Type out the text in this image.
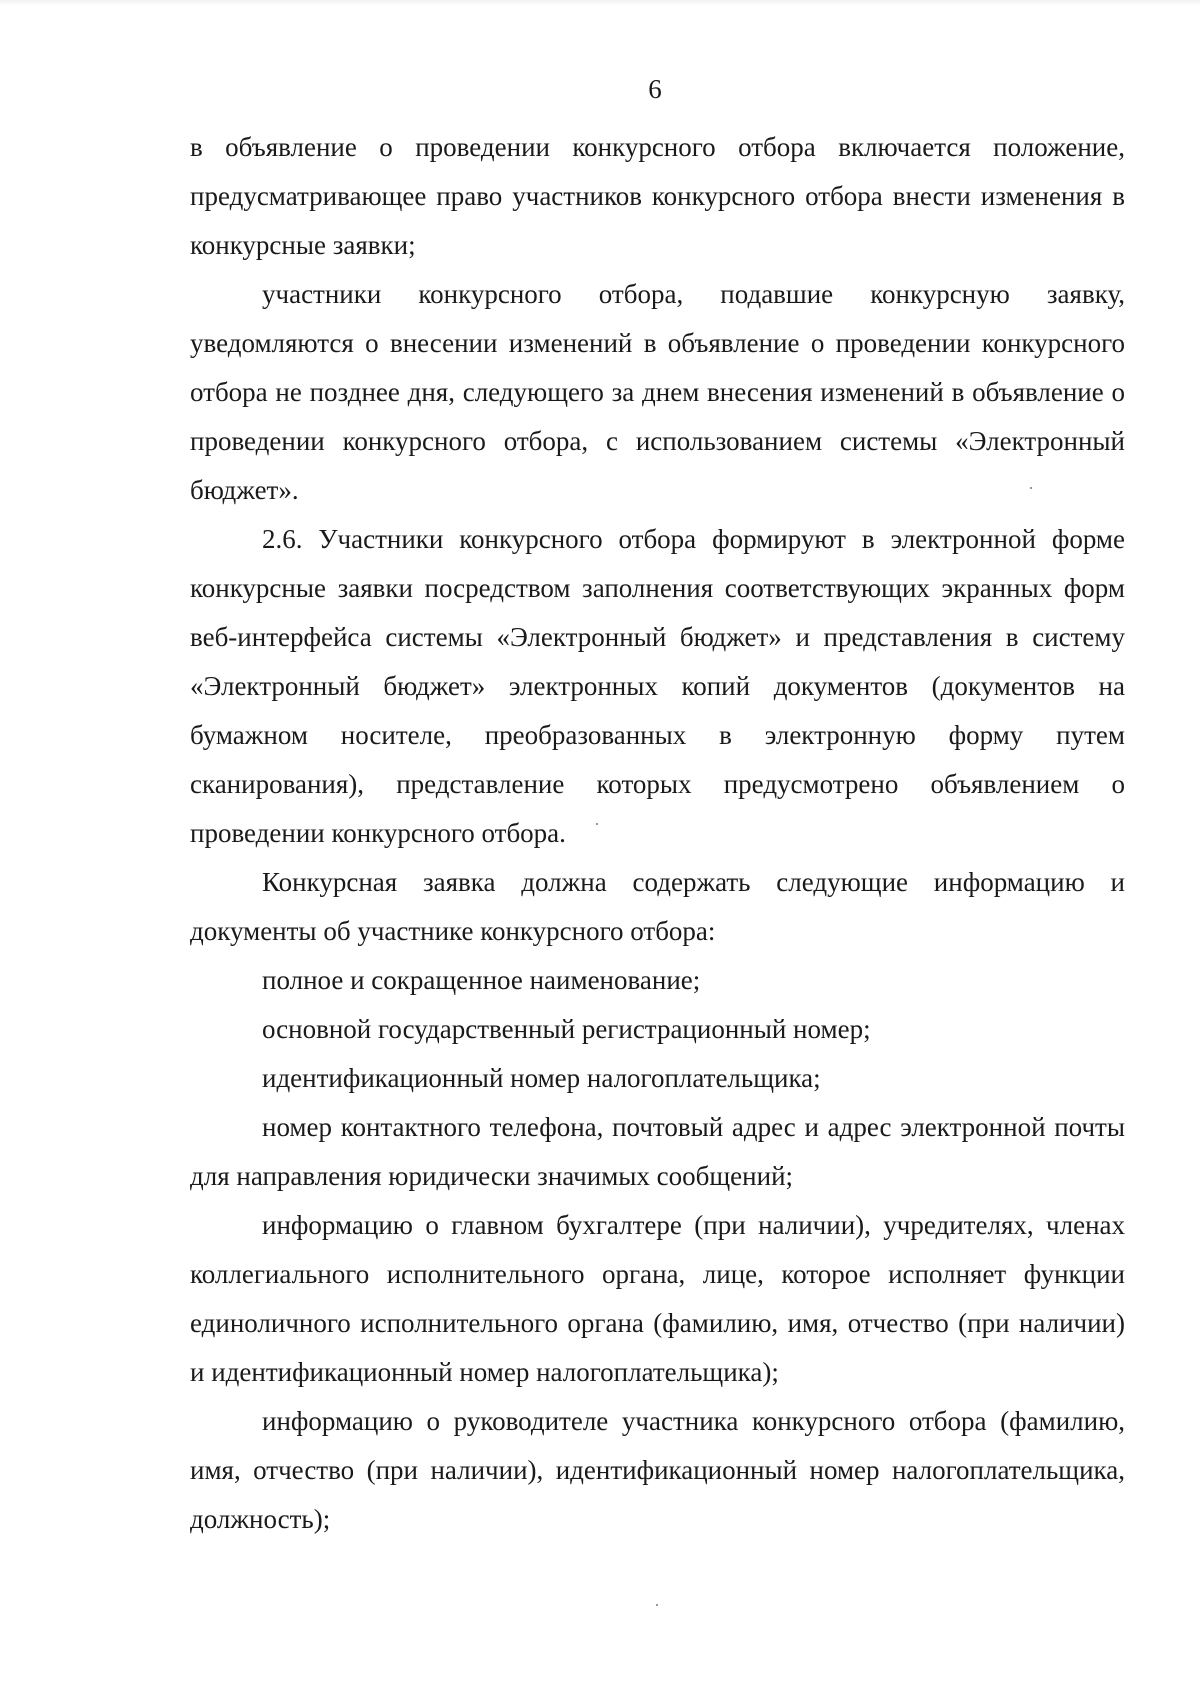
6

в объявление о проведении конкурсного отбора включается положение, предусматривающее право участников конкурсного отбора внести изменения в конкурсные заявки;

участники конкурсного отбора, подавшие конкурсную заявку, уведомляются о внесении изменений в объявление о проведении конкурсного отбора не позднее дня, следующего за днем внесения изменений в объявление о проведении конкурсного отбора, с использованием системы «Электронный бюджет».

2.6. Участники конкурсного отбора формируют в электронной форме конкурсные заявки посредством заполнения соответствующих экранных форм веб-интерфейса системы «Электронный бюджет» и представления в систему «Электронный бюджет» электронных копий документов (документов на бумажном носителе, преобразованных в электронную форму путем сканирования), представление которых предусмотрено объявлением о проведении конкурсного отбора.

Конкурсная заявка должна содержать следующие информацию и документы об участнике конкурсного отбора:

полное и сокращенное наименование;

основной государственный регистрационный номер;

идентификационный номер налогоплательщика;

номер контактного телефона, почтовый адрес и адрес электронной почты для направления юридически значимых сообщений;

информацию о главном бухгалтере (при наличии), учредителях, членах коллегиального исполнительного органа, лице, которое исполняет функции единоличного исполнительного органа (фамилию, имя, отчество (при наличии) и идентификационный номер налогоплательщика);

информацию о руководителе участника конкурсного отбора (фамилию, имя, отчество (при наличии), идентификационный номер налогоплательщика, должность);
